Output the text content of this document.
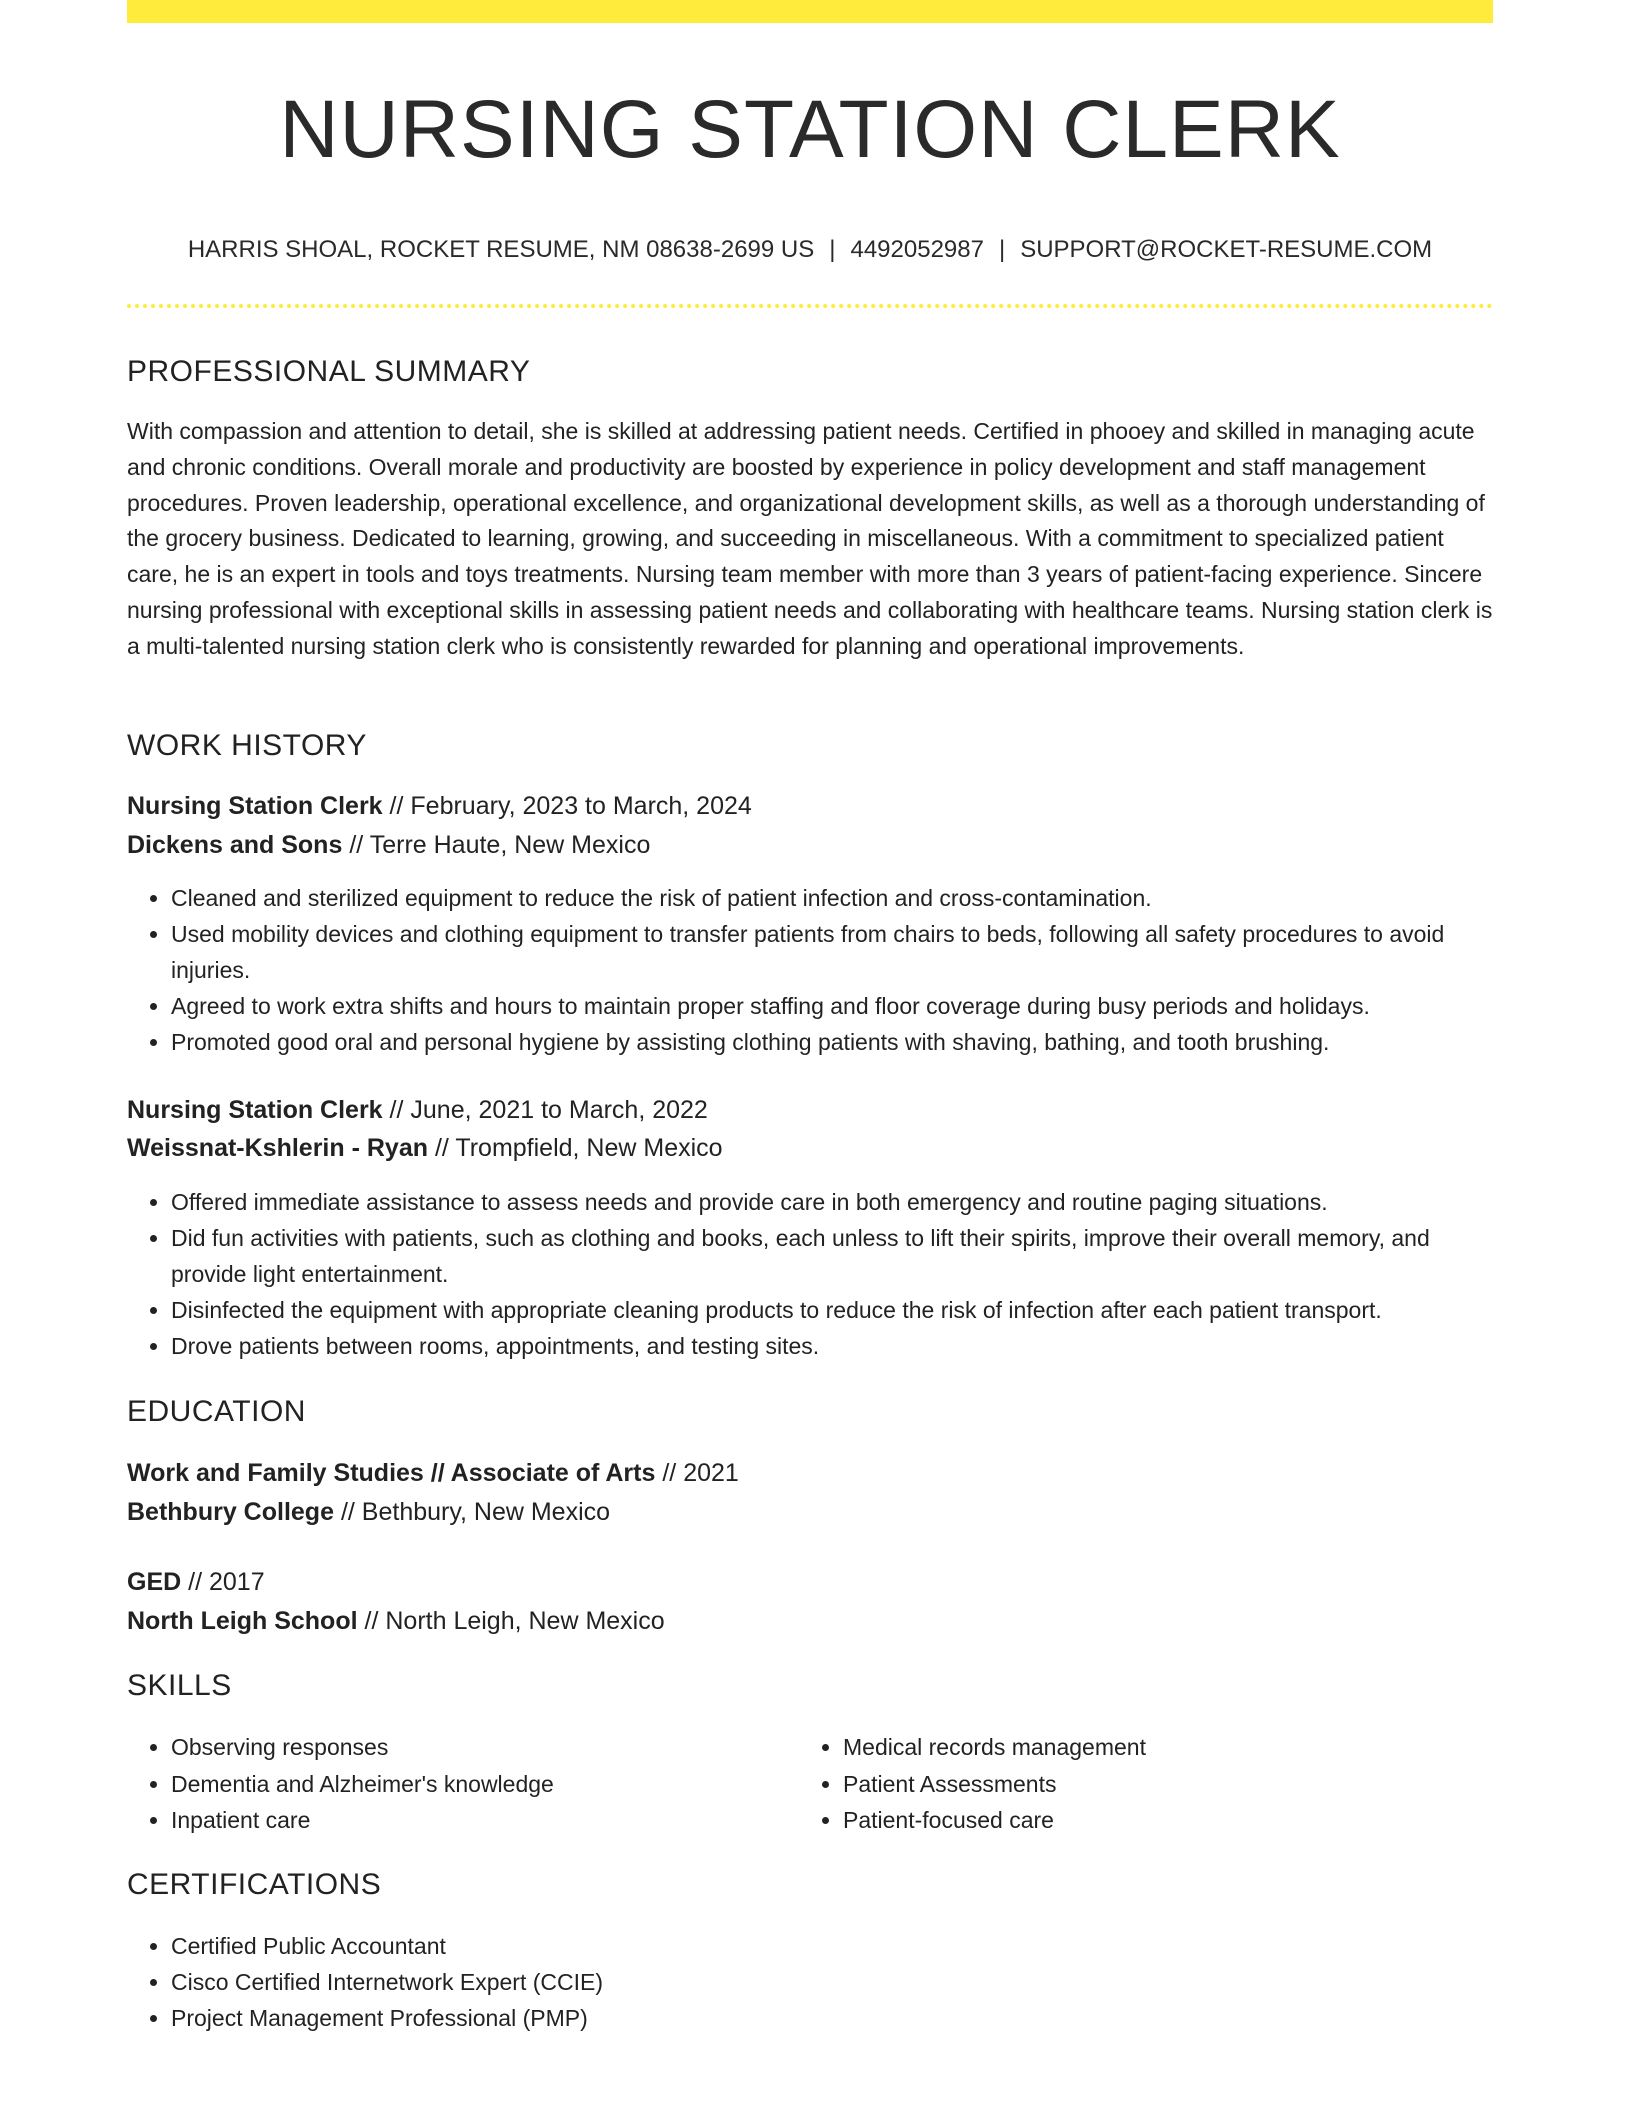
NURSING STATION CLERK
HARRIS SHOAL, ROCKET RESUME, NM 08638-2699 US | 4492052987 | SUPPORT@ROCKET-RESUME.COM
PROFESSIONAL SUMMARY
With compassion and attention to detail, she is skilled at addressing patient needs. Certified in phooey and skilled in managing acute and chronic conditions. Overall morale and productivity are boosted by experience in policy development and staff management procedures. Proven leadership, operational excellence, and organizational development skills, as well as a thorough understanding of the grocery business. Dedicated to learning, growing, and succeeding in miscellaneous. With a commitment to specialized patient care, he is an expert in tools and toys treatments. Nursing team member with more than 3 years of patient-facing experience. Sincere nursing professional with exceptional skills in assessing patient needs and collaborating with healthcare teams. Nursing station clerk is a multi-talented nursing station clerk who is consistently rewarded for planning and operational improvements.
WORK HISTORY
Nursing Station Clerk // February, 2023 to March, 2024
Dickens and Sons // Terre Haute, New Mexico
• Cleaned and sterilized equipment to reduce the risk of patient infection and cross-contamination.
• Used mobility devices and clothing equipment to transfer patients from chairs to beds, following all safety procedures to avoid injuries.
• Agreed to work extra shifts and hours to maintain proper staffing and floor coverage during busy periods and holidays.
• Promoted good oral and personal hygiene by assisting clothing patients with shaving, bathing, and tooth brushing.
Nursing Station Clerk // June, 2021 to March, 2022
Weissnat-Kshlerin - Ryan // Trompfield, New Mexico
• Offered immediate assistance to assess needs and provide care in both emergency and routine paging situations.
• Did fun activities with patients, such as clothing and books, each unless to lift their spirits, improve their overall memory, and provide light entertainment.
• Disinfected the equipment with appropriate cleaning products to reduce the risk of infection after each patient transport.
• Drove patients between rooms, appointments, and testing sites.
EDUCATION
Work and Family Studies // Associate of Arts // 2021
Bethbury College // Bethbury, New Mexico
GED // 2017
North Leigh School // North Leigh, New Mexico
SKILLS
• Observing responses
• Dementia and Alzheimer's knowledge
• Inpatient care
• Medical records management
• Patient Assessments
• Patient-focused care
CERTIFICATIONS
• Certified Public Accountant
• Cisco Certified Internetwork Expert (CCIE)
• Project Management Professional (PMP)
